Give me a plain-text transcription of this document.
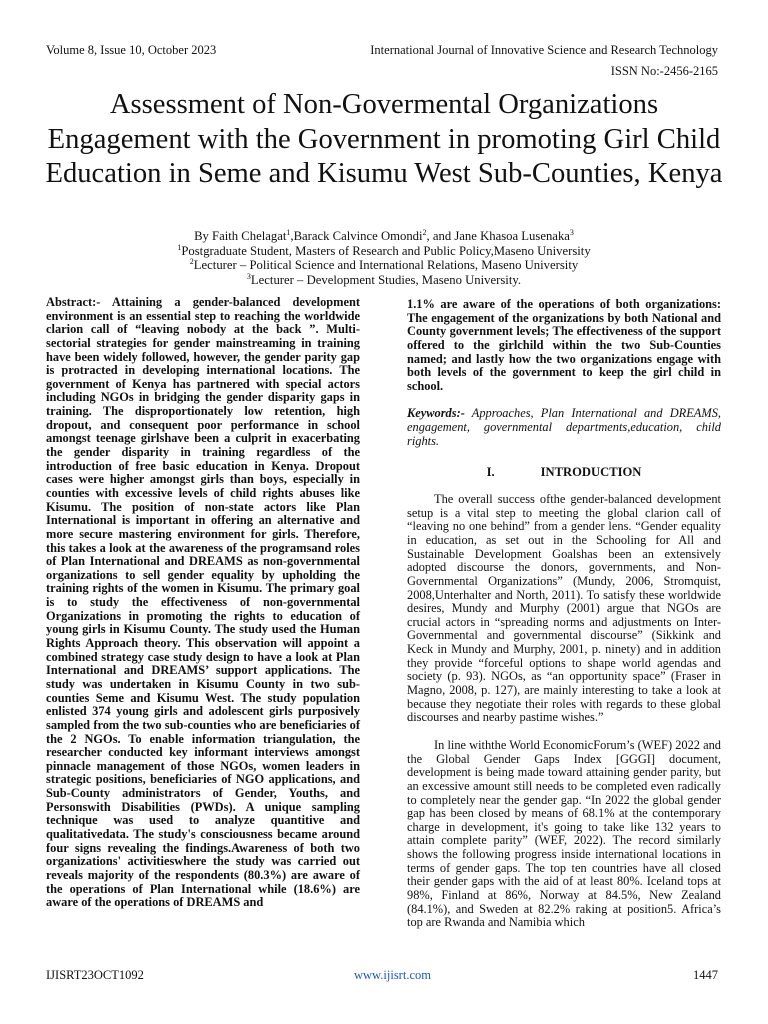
Volume 8, Issue 10, October 2023	International Journal of Innovative Science and Research Technology
ISSN No:-2456-2165
Assessment of Non-Govermental Organizations Engagement with the Government in promoting Girl Child Education in Seme and Kisumu West Sub-Counties, Kenya
By Faith Chelagat$^1$,Barack Calvince Omondi$^2$, and Jane Khasoa Lusenaka$^3$
$^1$Postgraduate Student, Masters of Research and Public Policy,Maseno University
$^2$Lecturer – Political Science and International Relations, Maseno University
$^3$Lecturer – Development Studies, Maseno University.

Abstract:- Attaining a gender-balanced development environment is an essential step to reaching the worldwide clarion call of “leaving nobody at the back ”. Multi-sectorial strategies for gender mainstreaming in training have been widely followed, however, the gender parity gap is protracted in developing international locations. The government of Kenya has partnered with special actors including NGOs in bridging the gender disparity gaps in training. The disproportionately low retention, high dropout, and consequent poor performance in school amongst teenage girlshave been a culprit in exacerbating the gender disparity in training regardless of the introduction of free basic education in Kenya. Dropout cases were higher amongst girls than boys, especially in counties with excessive levels of child rights abuses like Kisumu. The position of non-state actors like Plan International is important in offering an alternative and more secure mastering environment for girls. Therefore, this takes a look at the awareness of the programsand roles of Plan International and DREAMS as non-governmental organizations to sell gender equality by upholding the training rights of the women in Kisumu. The primary goal is to study the effectiveness of non-governmental Organizations in promoting the rights to education of young girls in Kisumu County. The study used the Human Rights Approach theory. This observation will appoint a combined strategy case study design to have a look at Plan International and DREAMS’ support applications. The study was undertaken in Kisumu County in two sub-counties Seme and Kisumu West. The study population enlisted 374 young girls and adolescent girls purposively sampled from the two sub-counties who are beneficiaries of the 2 NGOs. To enable information triangulation, the researcher conducted key informant interviews amongst pinnacle management of those NGOs, women leaders in strategic positions, beneficiaries of NGO applications, and Sub-County administrators of Gender, Youths, and Personswith Disabilities (PWDs). A unique sampling technique was used to analyze quantitive and qualitativedata. The study's consciousness became around four signs revealing the findings.Awareness of both two organizations' activitieswhere the study was carried out reveals majority of the respondents (80.3%) are aware of the operations of Plan International while (18.6%) are aware of the operations of DREAMS and

1.1% are aware of the operations of both organizations: The engagement of the organizations by both National and County government levels; The effectiveness of the support offered to the girlchild within the two Sub-Counties named; and lastly how the two organizations engage with both levels of the government to keep the girl child in school.

Keywords:- Approaches, Plan International and DREAMS, engagement, governmental departments,education, child rights.

I.	INTRODUCTION

The overall success ofthe gender-balanced development setup is a vital step to meeting the global clarion call of “leaving no one behind” from a gender lens. “Gender equality in education, as set out in the Schooling for All and Sustainable Development Goalshas been an extensively adopted discourse the donors, governments, and Non-Governmental Organizations” (Mundy, 2006, Stromquist, 2008,Unterhalter and North, 2011). To satisfy these worldwide desires, Mundy and Murphy (2001) argue that NGOs are crucial actors in “spreading norms and adjustments on Inter-Governmental and governmental discourse” (Sikkink and Keck in Mundy and Murphy, 2001, p. ninety) and in addition they provide “forceful options to shape world agendas and society (p. 93). NGOs, as “an opportunity space” (Fraser in Magno, 2008, p. 127), are mainly interesting to take a look at because they negotiate their roles with regards to these global discourses and nearby pastime wishes.”

In line withthe World EconomicForum’s (WEF) 2022 and the Global Gender Gaps Index [GGGI] document, development is being made toward attaining gender parity, but an excessive amount still needs to be completed even radically to completely near the gender gap. “In 2022 the global gender gap has been closed by means of 68.1% at the contemporary charge in development, it's going to take like 132 years to attain complete parity” (WEF, 2022). The record similarly shows the following progress inside international locations in terms of gender gaps. The top ten countries have all closed their gender gaps with the aid of at least 80%. Iceland tops at 98%, Finland at 86%, Norway at 84.5%, New Zealand (84.1%), and Sweden at 82.2% raking at position5. Africa’s top are Rwanda and Namibia which

IJISRT23OCT1092	www.ijisrt.com	1447
